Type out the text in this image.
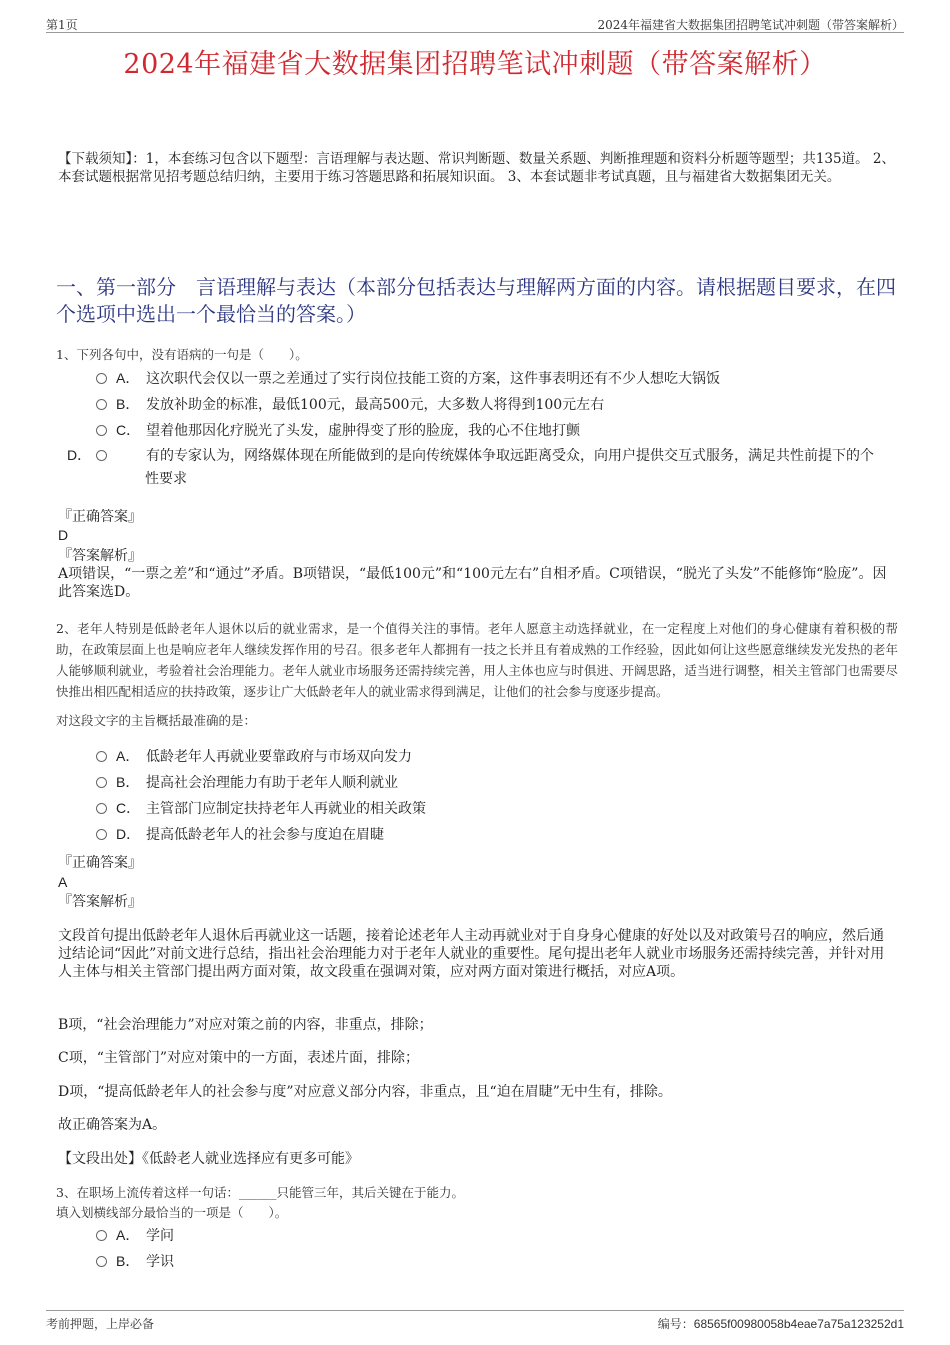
第1页	2024年福建省大数据集团招聘笔试冲刺题（带答案解析）
2024年福建省大数据集团招聘笔试冲刺题（带答案解析）
【下载须知】：1，本套练习包含以下题型：言语理解与表达题、常识判断题、数量关系题、判断推理题和资料分析题等题型；共135道。 2、本套试题根据常见招考题总结归纳，主要用于练习答题思路和拓展知识面。 3、本套试题非考试真题，且与福建省大数据集团无关。
一、第一部分　言语理解与表达（本部分包括表达与理解两方面的内容。请根据题目要求，在四个选项中选出一个最恰当的答案。）
1、下列各句中，没有语病的一句是（　　）。
A． 这次职代会仅以一票之差通过了实行岗位技能工资的方案，这件事表明还有不少人想吃大锅饭
B． 发放补助金的标准，最低100元，最高500元，大多数人将得到100元左右
C． 望着他那因化疗脱光了头发，虚肿得变了形的脸庞，我的心不住地打颤
D．	有的专家认为，网络媒体现在所能做到的是向传统媒体争取远距离受众，向用户提供交互式服务，满足共性前提下的个性要求
『正确答案』
D
『答案解析』
A项错误，“一票之差”和“通过”矛盾。B项错误，“最低100元”和“100元左右”自相矛盾。C项错误，“脱光了头发”不能修饰“脸庞”。因此答案选D。
2、老年人特别是低龄老年人退休以后的就业需求，是一个值得关注的事情。老年人愿意主动选择就业，在一定程度上对他们的身心健康有着积极的帮助，在政策层面上也是响应老年人继续发挥作用的号召。很多老年人都拥有一技之长并且有着成熟的工作经验，因此如何让这些愿意继续发光发热的老年人能够顺利就业，考验着社会治理能力。老年人就业市场服务还需持续完善，用人主体也应与时俱进、开阔思路，适当进行调整，相关主管部门也需要尽快推出相匹配相适应的扶持政策，逐步让广大低龄老年人的就业需求得到满足，让他们的社会参与度逐步提高。
对这段文字的主旨概括最准确的是：
A． 低龄老年人再就业要靠政府与市场双向发力
B． 提高社会治理能力有助于老年人顺利就业
C． 主管部门应制定扶持老年人再就业的相关政策
D． 提高低龄老年人的社会参与度迫在眉睫
『正确答案』
A
『答案解析』
文段首句提出低龄老年人退休后再就业这一话题，接着论述老年人主动再就业对于自身身心健康的好处以及对政策号召的响应，然后通过结论词“因此”对前文进行总结，指出社会治理能力对于老年人就业的重要性。尾句提出老年人就业市场服务还需持续完善，并针对用人主体与相关主管部门提出两方面对策，故文段重在强调对策，应对两方面对策进行概括，对应A项。
B项，“社会治理能力”对应对策之前的内容，非重点，排除；
C项，“主管部门”对应对策中的一方面，表述片面，排除；
D项，“提高低龄老年人的社会参与度”对应意义部分内容，非重点，且“迫在眉睫”无中生有，排除。
故正确答案为A。
【文段出处】《低龄老人就业选择应有更多可能》
3、在职场上流传着这样一句话：______只能管三年，其后关键在于能力。
填入划横线部分最恰当的一项是（　　）。
A． 学问
B． 学识
考前押题，上岸必备	编号：68565f00980058b4eae7a75a123252d1
